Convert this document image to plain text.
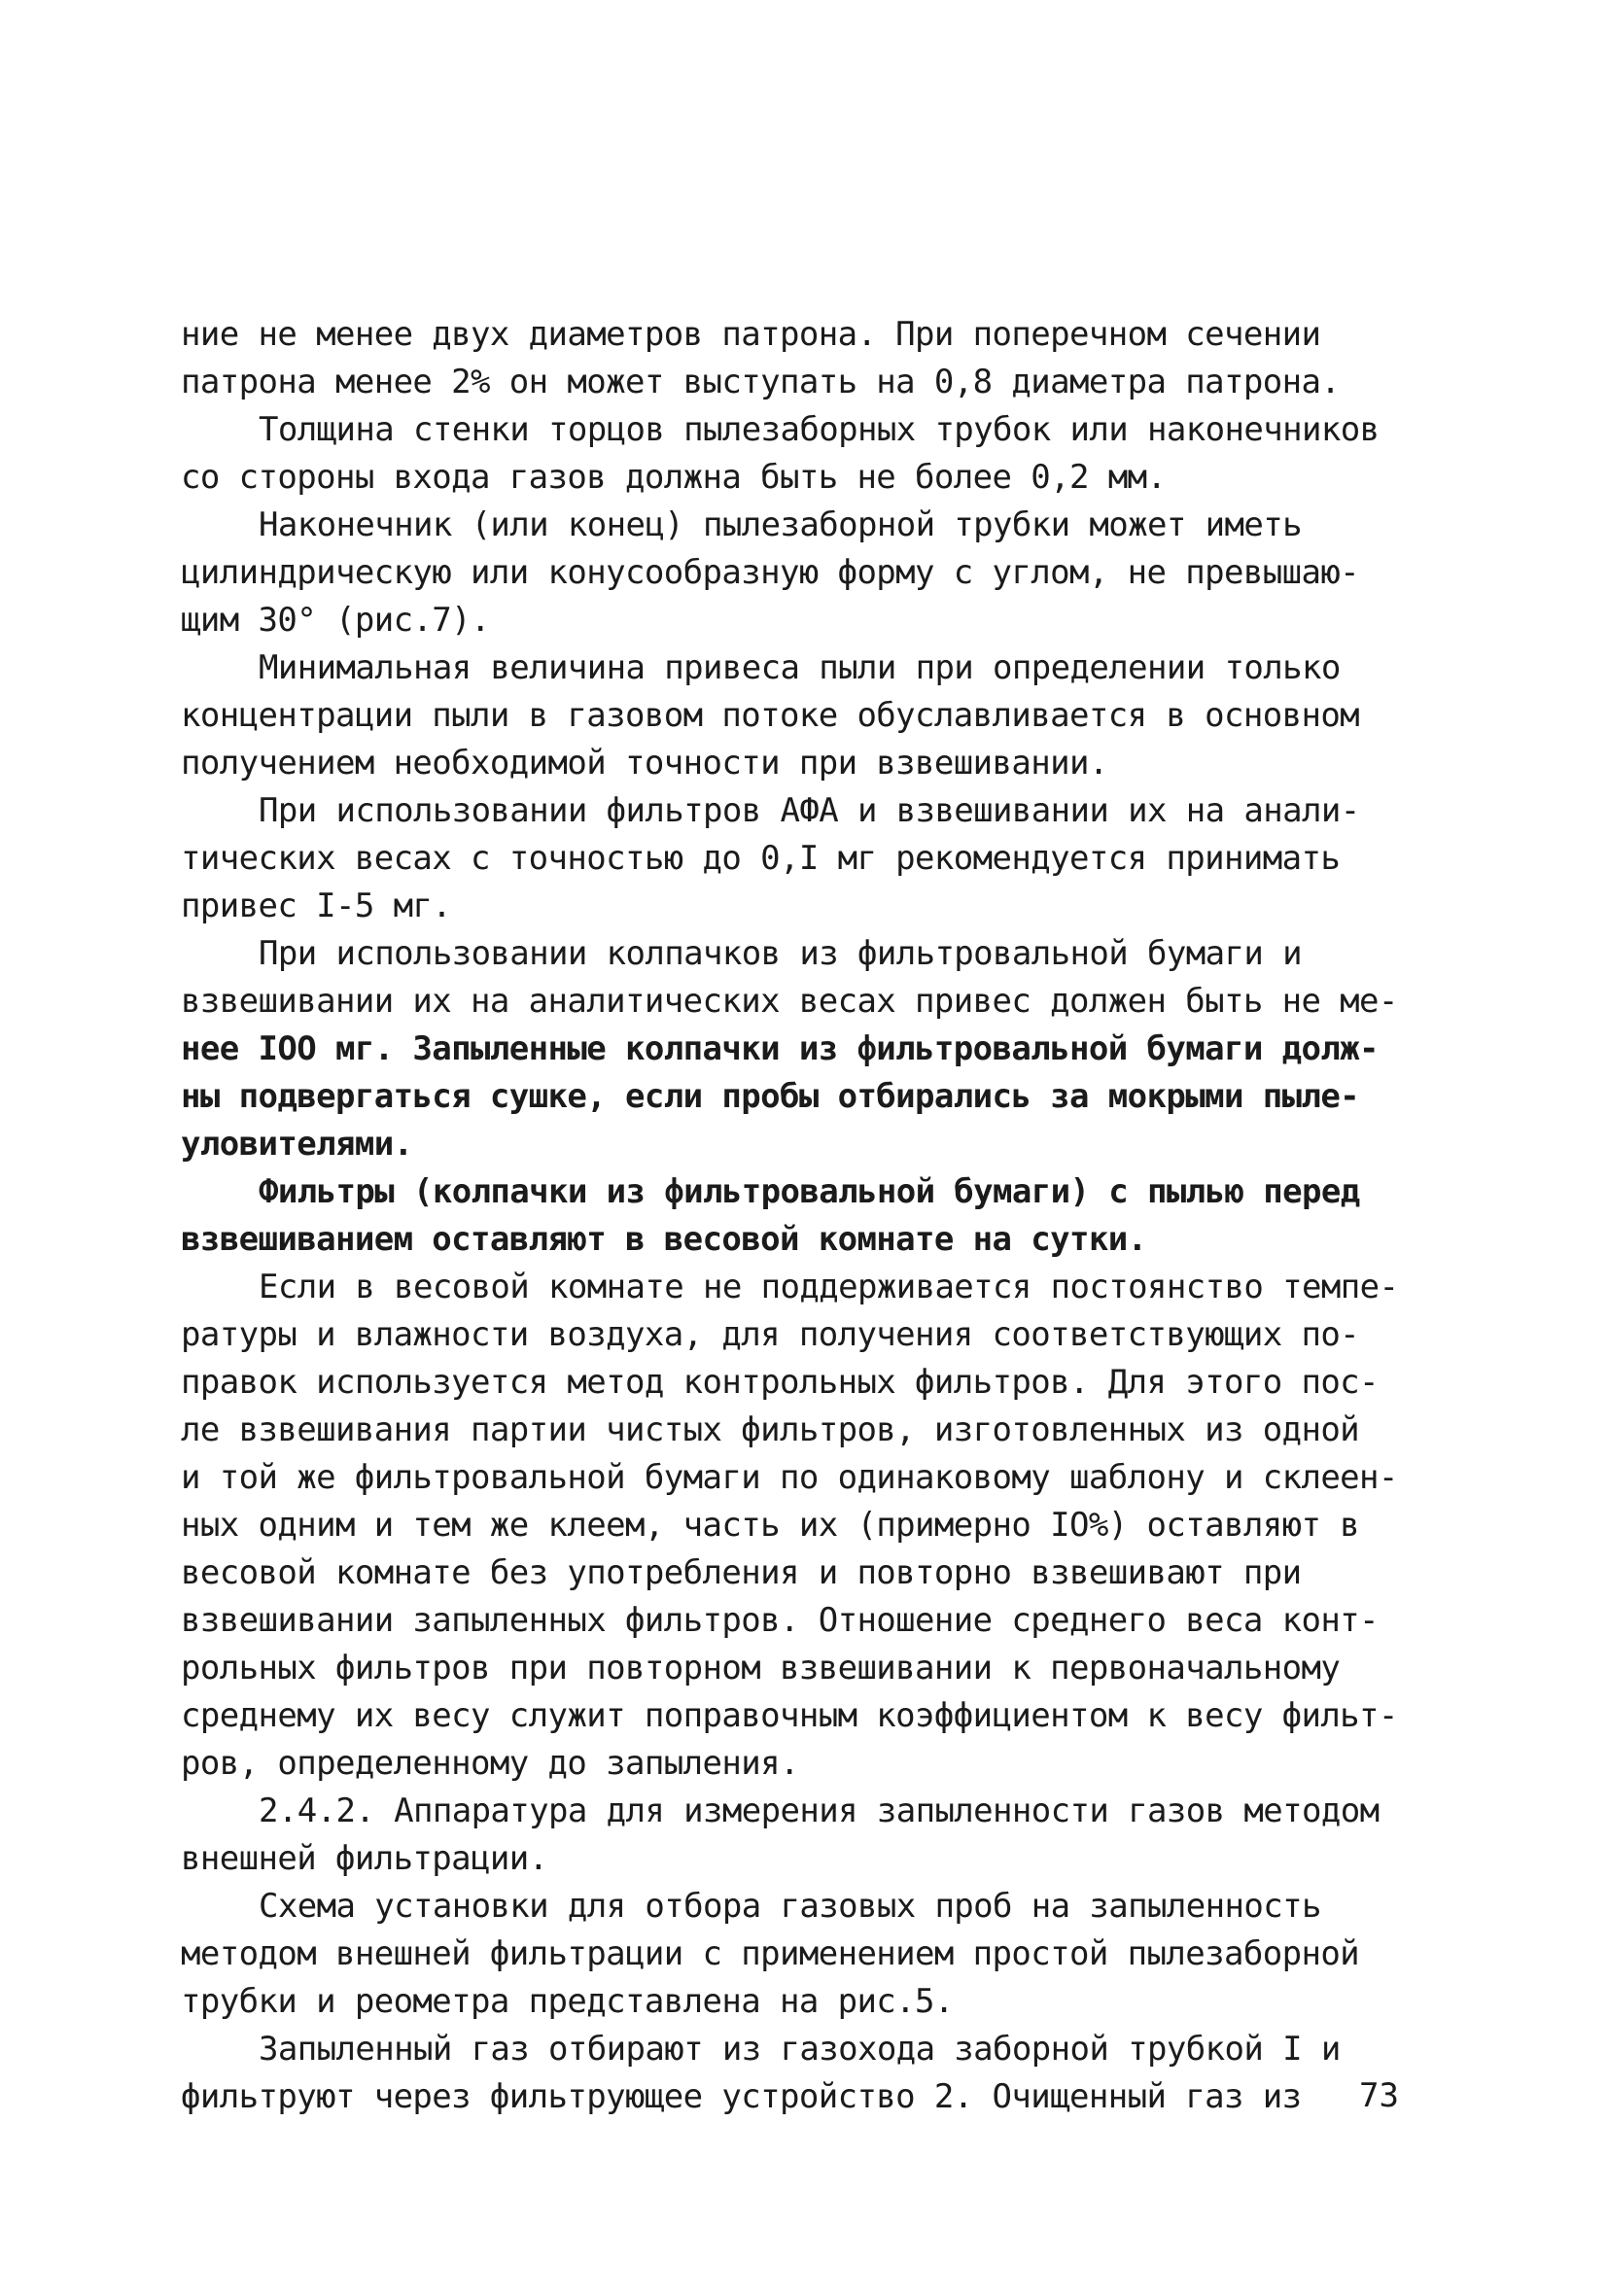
ние не менее двух диаметров патрона. При поперечном сечении
патрона менее 2% он может выступать на 0,8 диаметра патрона.
Толщина стенки торцов пылезаборных трубок или наконечников
со стороны входа газов должна быть не более 0,2 мм.
Наконечник (или конец) пылезаборной трубки может иметь
цилиндрическую или конусообразную форму с углом, не превышаю-
щим 30° (рис.7).
Минимальная величина привеса пыли при определении только
концентрации пыли в газовом потоке обуславливается в основном
получением необходимой точности при взвешивании.
При использовании фильтров АФА и взвешивании их на анали-
тических весах с точностью до 0,I мг рекомендуется принимать
привес I-5 мг.
При использовании колпачков из фильтровальной бумаги и
взвешивании их на аналитических весах привес должен быть не ме-
нее IOO мг. Запыленные колпачки из фильтровальной бумаги долж-
ны подвергаться сушке, если пробы отбирались за мокрыми пыле-
уловителями.
Фильтры (колпачки из фильтровальной бумаги) с пылью перед
взвешиванием оставляют в весовой комнате на сутки.
Если в весовой комнате не поддерживается постоянство темпе-
ратуры и влажности воздуха, для получения соответствующих по-
правок используется метод контрольных фильтров. Для этого пос-
ле взвешивания партии чистых фильтров, изготовленных из одной
и той же фильтровальной бумаги по одинаковому шаблону и склеен-
ных одним и тем же клеем, часть их (примерно IO%) оставляют в
весовой комнате без употребления и повторно взвешивают при
взвешивании запыленных фильтров. Отношение среднего веса конт-
рольных фильтров при повторном взвешивании к первоначальному
среднему их весу служит поправочным коэффициентом к весу фильт-
ров, определенному до запыления.
2.4.2. Аппаратура для измерения запыленности газов методом
внешней фильтрации.
Схема установки для отбора газовых проб на запыленность
методом внешней фильтрации с применением простой пылезаборной
трубки и реометра представлена на рис.5.
Запыленный газ отбирают из газохода заборной трубкой I и
фильтруют через фильтрующее устройство 2. Очищенный газ из	73
